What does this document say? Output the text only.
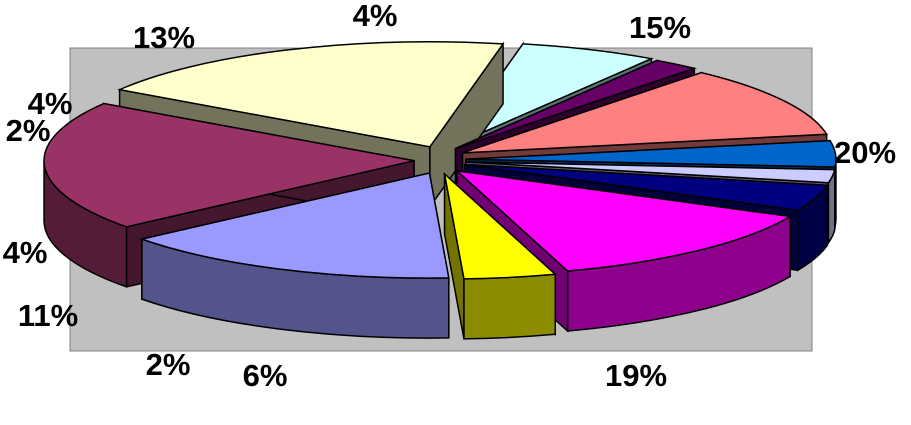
15%
20%
19%
6%
2%
11%
4%
2%
4%
13%
4%
